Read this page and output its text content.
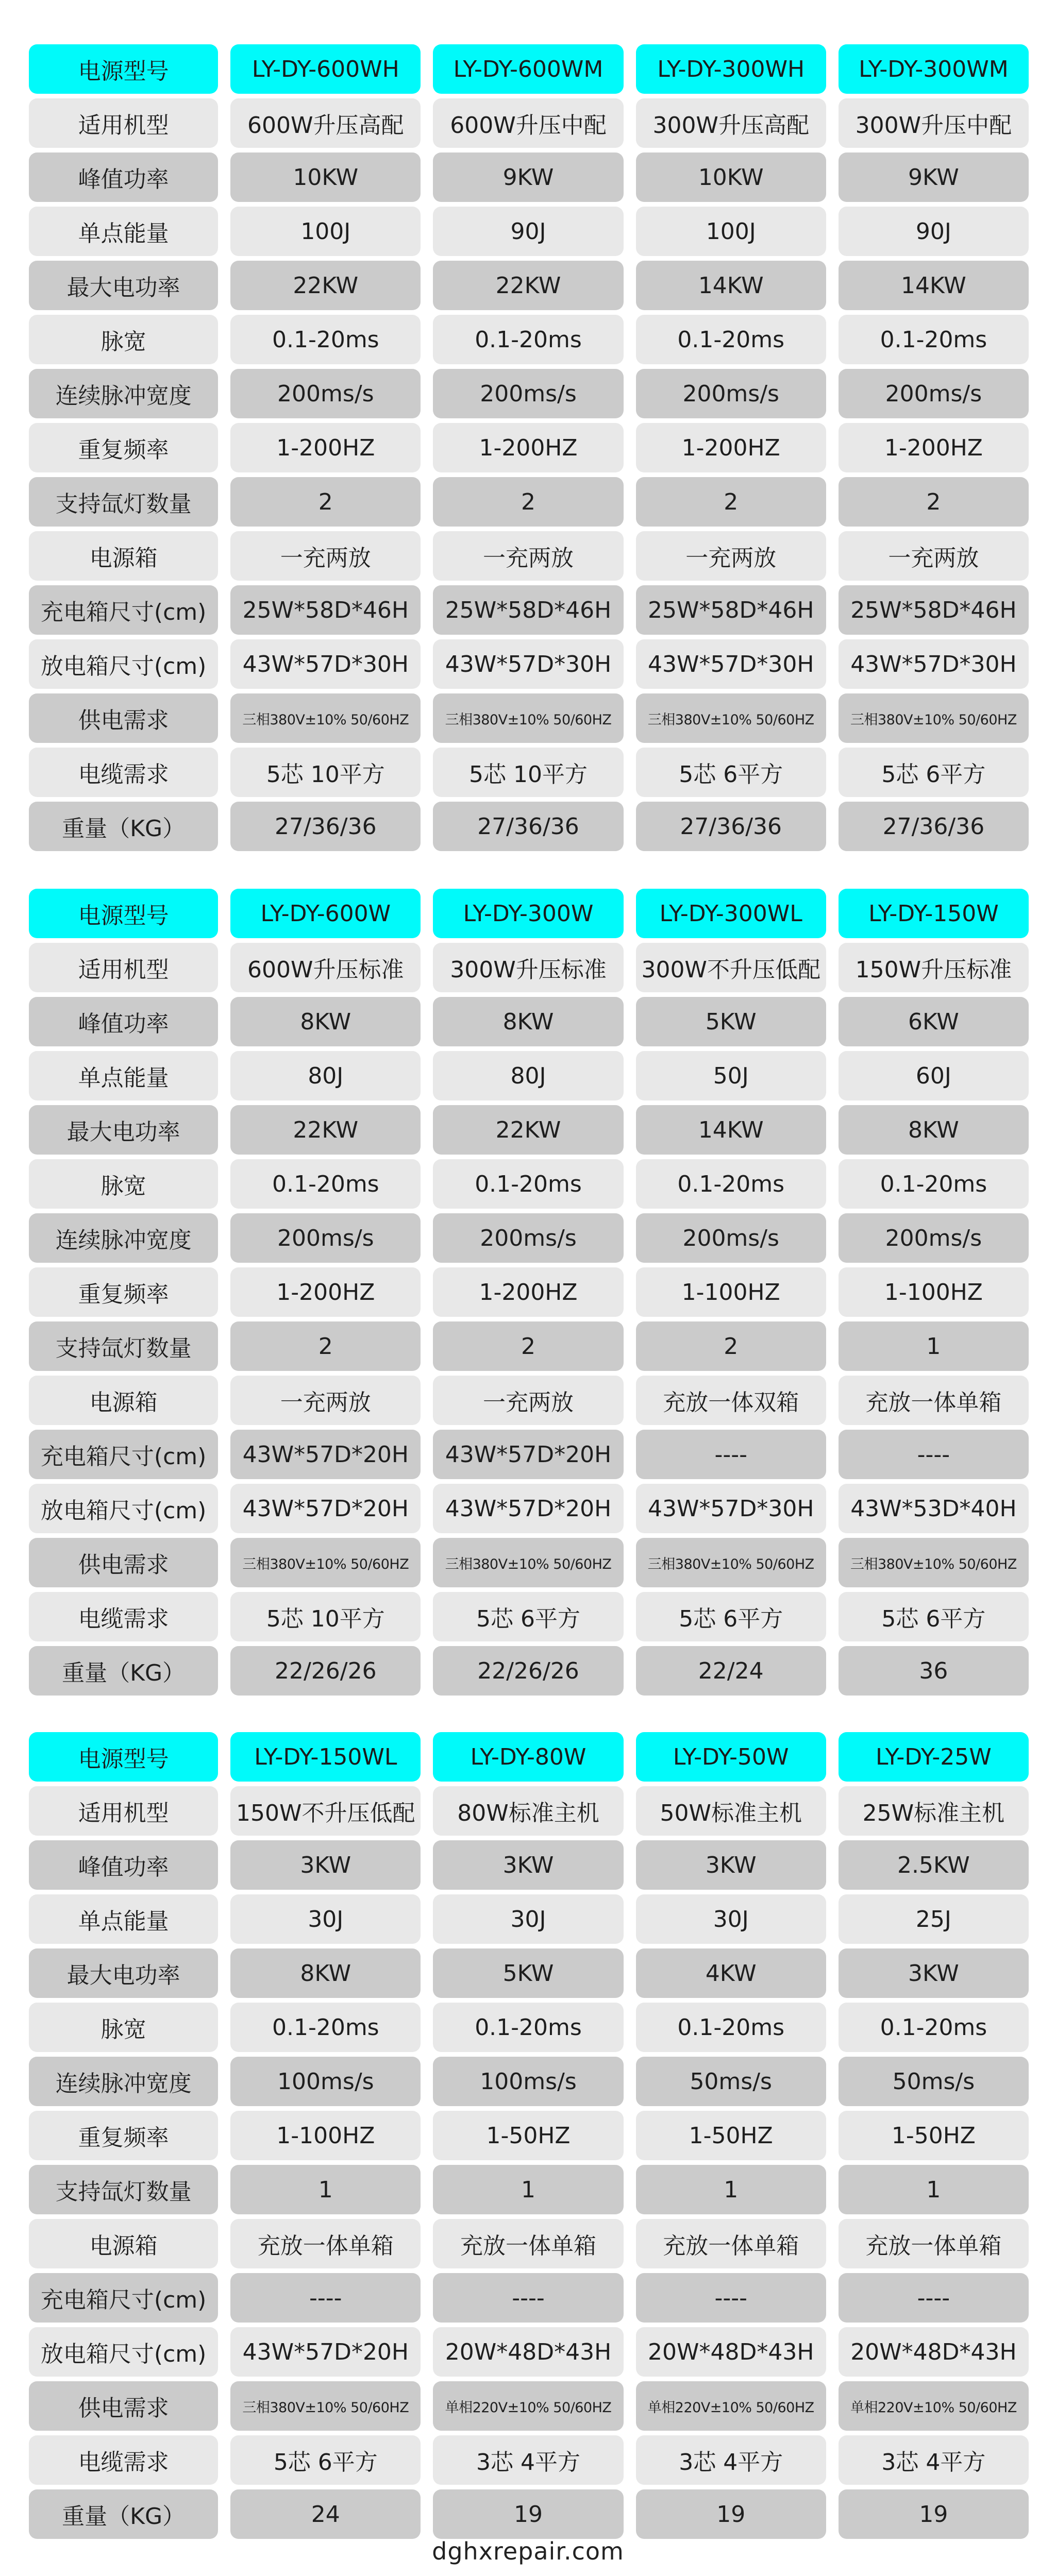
电源型号	LY-DY-600WH	LY-DY-600WM	LY-DY-300WH	LY-DY-300WM
适用机型	600W升压高配	600W升压中配	300W升压高配	300W升压中配
峰值功率	10KW	9KW	10KW	9KW
单点能量	100J	90J	100J	90J
最大电功率	22KW	22KW	14KW	14KW
脉宽	0.1-20ms	0.1-20ms	0.1-20ms	0.1-20ms
连续脉冲宽度	200ms/s	200ms/s	200ms/s	200ms/s
重复频率	1-200HZ	1-200HZ	1-200HZ	1-200HZ
支持氙灯数量	2	2	2	2
电源箱	一充两放	一充两放	一充两放	一充两放
充电箱尺寸(cm)	25W*58D*46H	25W*58D*46H	25W*58D*46H	25W*58D*46H
放电箱尺寸(cm)	43W*57D*30H	43W*57D*30H	43W*57D*30H	43W*57D*30H
供电需求	三相380V±10% 50/60HZ	三相380V±10% 50/60HZ	三相380V±10% 50/60HZ	三相380V±10% 50/60HZ
电缆需求	5芯 10平方	5芯 10平方	5芯 6平方	5芯 6平方
重量（KG）	27/36/36	27/36/36	27/36/36	27/36/36
电源型号	LY-DY-600W	LY-DY-300W	LY-DY-300WL	LY-DY-150W
适用机型	600W升压标准	300W升压标准	300W不升压低配	150W升压标准
峰值功率	8KW	8KW	5KW	6KW
单点能量	80J	80J	50J	60J
最大电功率	22KW	22KW	14KW	8KW
脉宽	0.1-20ms	0.1-20ms	0.1-20ms	0.1-20ms
连续脉冲宽度	200ms/s	200ms/s	200ms/s	200ms/s
重复频率	1-200HZ	1-200HZ	1-100HZ	1-100HZ
支持氙灯数量	2	2	2	1
电源箱	一充两放	一充两放	充放一体双箱	充放一体单箱
充电箱尺寸(cm)	43W*57D*20H	43W*57D*20H	----	----
放电箱尺寸(cm)	43W*57D*20H	43W*57D*20H	43W*57D*30H	43W*53D*40H
供电需求	三相380V±10% 50/60HZ	三相380V±10% 50/60HZ	三相380V±10% 50/60HZ	三相380V±10% 50/60HZ
电缆需求	5芯 10平方	5芯 6平方	5芯 6平方	5芯 6平方
重量（KG）	22/26/26	22/26/26	22/24	36
电源型号	LY-DY-150WL	LY-DY-80W	LY-DY-50W	LY-DY-25W
适用机型	150W不升压低配	80W标准主机	50W标准主机	25W标准主机
峰值功率	3KW	3KW	3KW	2.5KW
单点能量	30J	30J	30J	25J
最大电功率	8KW	5KW	4KW	3KW
脉宽	0.1-20ms	0.1-20ms	0.1-20ms	0.1-20ms
连续脉冲宽度	100ms/s	100ms/s	50ms/s	50ms/s
重复频率	1-100HZ	1-50HZ	1-50HZ	1-50HZ
支持氙灯数量	1	1	1	1
电源箱	充放一体单箱	充放一体单箱	充放一体单箱	充放一体单箱
充电箱尺寸(cm)	----	----	----	----
放电箱尺寸(cm)	43W*57D*20H	20W*48D*43H	20W*48D*43H	20W*48D*43H
供电需求	三相380V±10% 50/60HZ	单相220V±10% 50/60HZ	单相220V±10% 50/60HZ	单相220V±10% 50/60HZ
电缆需求	5芯 6平方	3芯 4平方	3芯 4平方	3芯 4平方
重量（KG）	24	19	19	19
dghxrepair.com
